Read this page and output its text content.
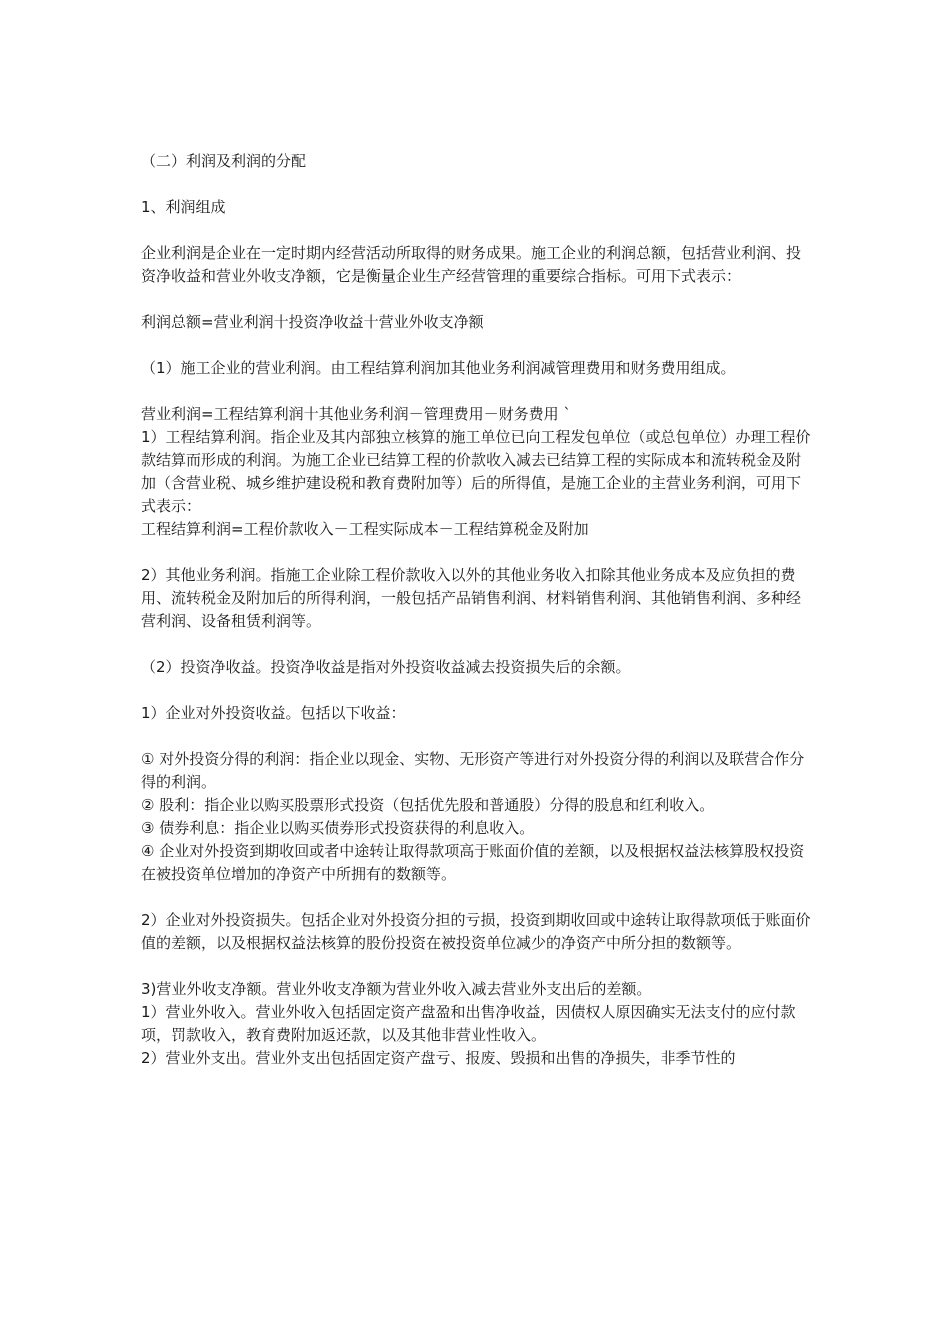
（二）利润及利润的分配

1、利润组成

企业利润是企业在一定时期内经营活动所取得的财务成果。施工企业的利润总额，包括营业利润、投资净收益和营业外收支净额，它是衡量企业生产经营管理的重要综合指标。可用下式表示：

利润总额=营业利润十投资净收益十营业外收支净额

（1）施工企业的营业利润。由工程结算利润加其他业务利润减管理费用和财务费用组成。

营业利润=工程结算利润十其他业务利润－管理费用－财务费用 `

1）工程结算利润。指企业及其内部独立核算的施工单位已向工程发包单位（或总包单位）办理工程价款结算而形成的利润。为施工企业已结算工程的价款收入减去已结算工程的实际成本和流转税金及附加（含营业税、城乡维护建设税和教育费附加等）后的所得值，是施工企业的主营业务利润，可用下式表示：

工程结算利润=工程价款收入－工程实际成本－工程结算税金及附加

2）其他业务利润。指施工企业除工程价款收入以外的其他业务收入扣除其他业务成本及应负担的费用、流转税金及附加后的所得利润，一般包括产品销售利润、材料销售利润、其他销售利润、多种经营利润、设备租赁利润等。

（2）投资净收益。投资净收益是指对外投资收益减去投资损失后的余额。

1）企业对外投资收益。包括以下收益：

① 对外投资分得的利润：指企业以现金、实物、无形资产等进行对外投资分得的利润以及联营合作分得的利润。

② 股利：指企业以购买股票形式投资（包括优先股和普通股）分得的股息和红利收入。

③ 债券利息：指企业以购买债券形式投资获得的利息收入。

④ 企业对外投资到期收回或者中途转让取得款项高于账面价值的差额，以及根据权益法核算股权投资在被投资单位增加的净资产中所拥有的数额等。

2）企业对外投资损失。包括企业对外投资分担的亏损，投资到期收回或中途转让取得款项低于账面价值的差额，以及根据权益法核算的股份投资在被投资单位减少的净资产中所分担的数额等。

3)营业外收支净额。营业外收支净额为营业外收入减去营业外支出后的差额。

1）营业外收入。营业外收入包括固定资产盘盈和出售净收益，因债权人原因确实无法支付的应付款项，罚款收入，教育费附加返还款，以及其他非营业性收入。

2）营业外支出。营业外支出包括固定资产盘亏、报废、毁损和出售的净损失，非季节性的
